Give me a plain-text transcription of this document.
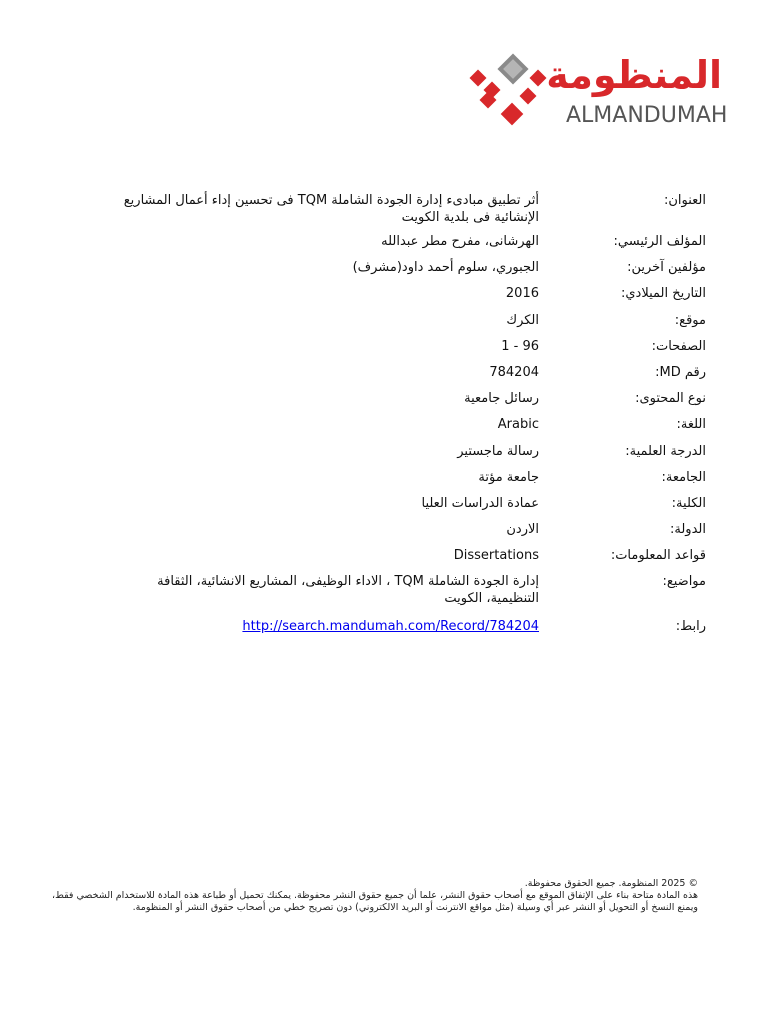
المنظومة
ALMANDUMAH
العنوان:
أثر تطبيق مبادىء إدارة الجودة الشاملة TQM فى تحسين إداء أعمال المشاريع الإنشائية فى بلدية الكويت
المؤلف الرئيسي:
الهرشانى، مفرح مطر عبدالله
مؤلفين آخرين:
الجبوري، سلوم أحمد داود(مشرف)
التاريخ الميلادي:
2016
موقع:
الكرك
الصفحات:
1 - 96
رقم MD:
784204
نوع المحتوى:
رسائل جامعية
اللغة:
Arabic
الدرجة العلمية:
رسالة ماجستير
الجامعة:
جامعة مؤتة
الكلية:
عمادة الدراسات العليا
الدولة:
الاردن
قواعد المعلومات:
Dissertations
مواضيع:
إدارة الجودة الشاملة TQM ، الاداء الوظيفى، المشاريع الانشائية، الثقافة التنظيمية، الكويت
رابط:
http://search.mandumah.com/Record/784204
© 2025 المنظومة. جميع الحقوق محفوظة.
هذه المادة متاحة بناء على الإتفاق الموقع مع أصحاب حقوق النشر، علما أن جميع حقوق النشر محفوظة. يمكنك تحميل أو طباعة هذه المادة للاستخدام الشخصي فقط، ويمنع النسخ أو التحويل أو النشر عبر أي وسيلة (مثل مواقع الانترنت أو البريد الالكتروني) دون تصريح خطي من أصحاب حقوق النشر أو المنظومة.
